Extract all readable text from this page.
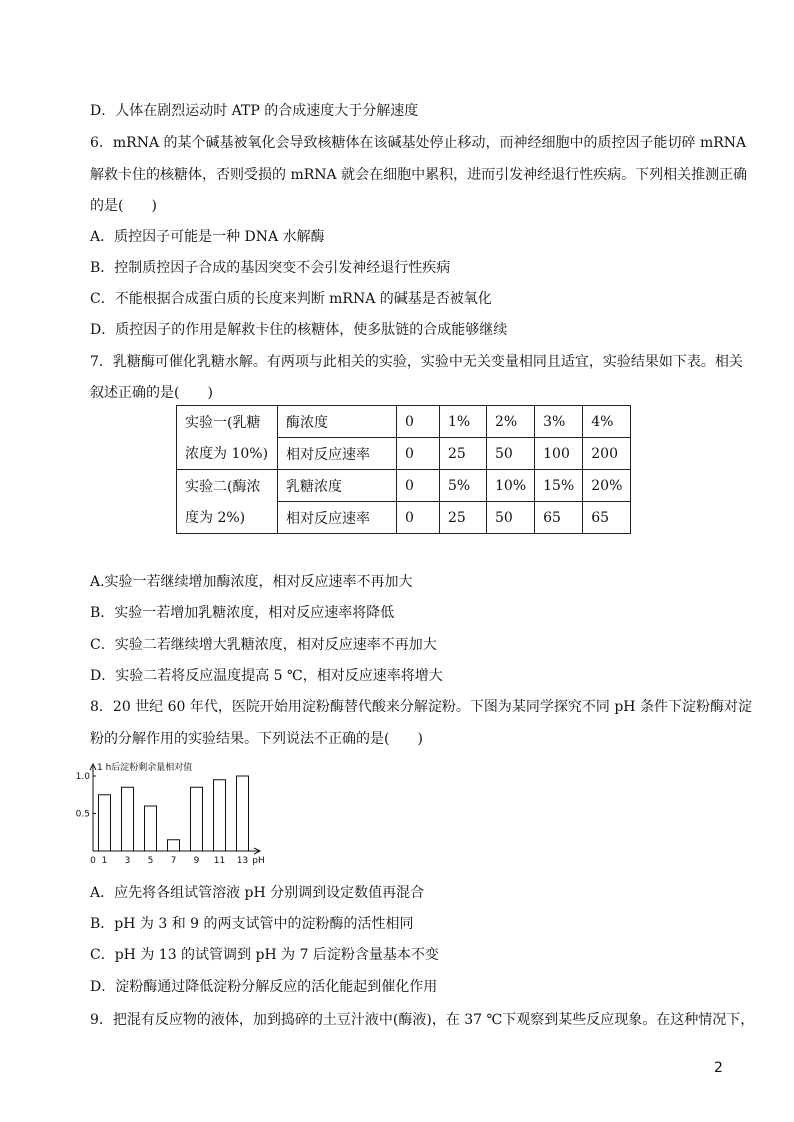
D．人体在剧烈运动时 ATP 的合成速度大于分解速度
6．mRNA 的某个碱基被氧化会导致核糖体在该碱基处停止移动，而神经细胞中的质控因子能切碎 mRNA
解救卡住的核糖体，否则受损的 mRNA 就会在细胞中累积，进而引发神经退行性疾病。下列相关推测正确
的是(　　)
A．质控因子可能是一种 DNA 水解酶
B．控制质控因子合成的基因突变不会引发神经退行性疾病
C．不能根据合成蛋白质的长度来判断 mRNA 的碱基是否被氧化
D．质控因子的作用是解救卡住的核糖体，使多肽链的合成能够继续
7．乳糖酶可催化乳糖水解。有两项与此相关的实验，实验中无关变量相同且适宜，实验结果如下表。相关
叙述正确的是(　　)
实验一(乳糖	酶浓度	0	1%	2%	3%	4%
浓度为 10%)	相对反应速率	0	25	50	100	200
实验二(酶浓	乳糖浓度	0	5%	10%	15%	20%
度为 2%)	相对反应速率	0	25	50	65	65
A.实验一若继续增加酶浓度，相对反应速率不再加大
B．实验一若增加乳糖浓度，相对反应速率将降低
C．实验二若继续增大乳糖浓度，相对反应速率不再加大
D．实验二若将反应温度提高 5 ℃，相对反应速率将增大
8．20 世纪 60 年代，医院开始用淀粉酶替代酸来分解淀粉。下图为某同学探究不同 pH 条件下淀粉酶对淀
粉的分解作用的实验结果。下列说法不正确的是(　　)
1 h后淀粉剩余量相对值
0.5
1.0
0 1 3 5 7 9 11 13 pH
A．应先将各组试管溶液 pH 分别调到设定数值再混合
B．pH 为 3 和 9 的两支试管中的淀粉酶的活性相同
C．pH 为 13 的试管调到 pH 为 7 后淀粉含量基本不变
D．淀粉酶通过降低淀粉分解反应的活化能起到催化作用
9．把混有反应物的液体，加到捣碎的土豆汁液中(酶液)，在 37 ℃下观察到某些反应现象。在这种情况下，
2
